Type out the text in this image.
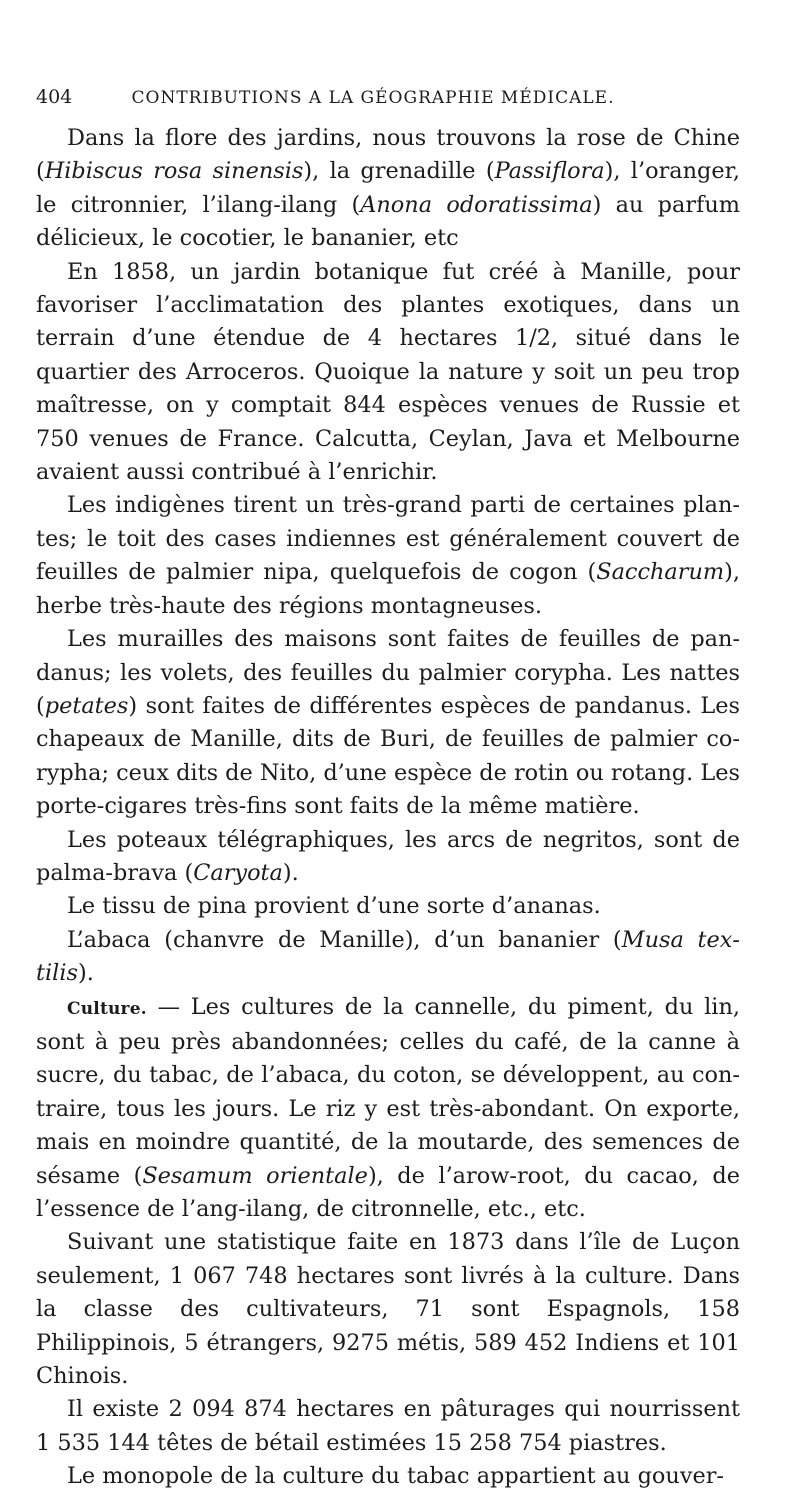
404	CONTRIBUTIONS A LA GÉOGRAPHIE MÉDICALE.

Dans la flore des jardins, nous trouvons la rose de Chine (Hibiscus rosa sinensis), la grenadille (Passiflora), l’oranger, le citronnier, l’ilang-ilang (Anona odoratissima) au parfum délicieux, le cocotier, le bananier, etc

En 1858, un jardin botanique fut créé à Manille, pour favoriser l’acclimatation des plantes exotiques, dans un terrain d’une étendue de 4 hectares 1/2, situé dans le quartier des Arroceros. Quoique la nature y soit un peu trop maîtresse, on y comptait 844 espèces venues de Russie et 750 venues de France. Calcutta, Ceylan, Java et Melbourne avaient aussi contribué à l’enrichir.

Les indigènes tirent un très-grand parti de certaines plantes; le toit des cases indiennes est généralement couvert de feuilles de palmier nipa, quelquefois de cogon (Saccharum), herbe très-haute des régions montagneuses.

Les murailles des maisons sont faites de feuilles de pandanus; les volets, des feuilles du palmier corypha. Les nattes (petates) sont faites de différentes espèces de pandanus. Les chapeaux de Manille, dits de Buri, de feuilles de palmier corypha; ceux dits de Nito, d’une espèce de rotin ou rotang. Les porte-cigares très-fins sont faits de la même matière.

Les poteaux télégraphiques, les arcs de negritos, sont de palma-brava (Caryota).

Le tissu de pina provient d’une sorte d’ananas.

L’abaca (chanvre de Manille), d’un bananier (Musa textilis).

Culture. — Les cultures de la cannelle, du piment, du lin, sont à peu près abandonnées; celles du café, de la canne à sucre, du tabac, de l’abaca, du coton, se développent, au contraire, tous les jours. Le riz y est très-abondant. On exporte, mais en moindre quantité, de la moutarde, des semences de sésame (Sesamum orientale), de l’arow-root, du cacao, de l’essence de l’ang-ilang, de citronnelle, etc., etc.

Suivant une statistique faite en 1873 dans l’île de Luçon seulement, 1 067 748 hectares sont livrés à la culture. Dans la classe des cultivateurs, 71 sont Espagnols, 158 Philippinois, 5 étrangers, 9275 métis, 589 452 Indiens et 101 Chinois.

Il existe 2 094 874 hectares en pâturages qui nourrissent 1 535 144 têtes de bétail estimées 15 258 754 piastres.

Le monopole de la culture du tabac appartient au gouver-
